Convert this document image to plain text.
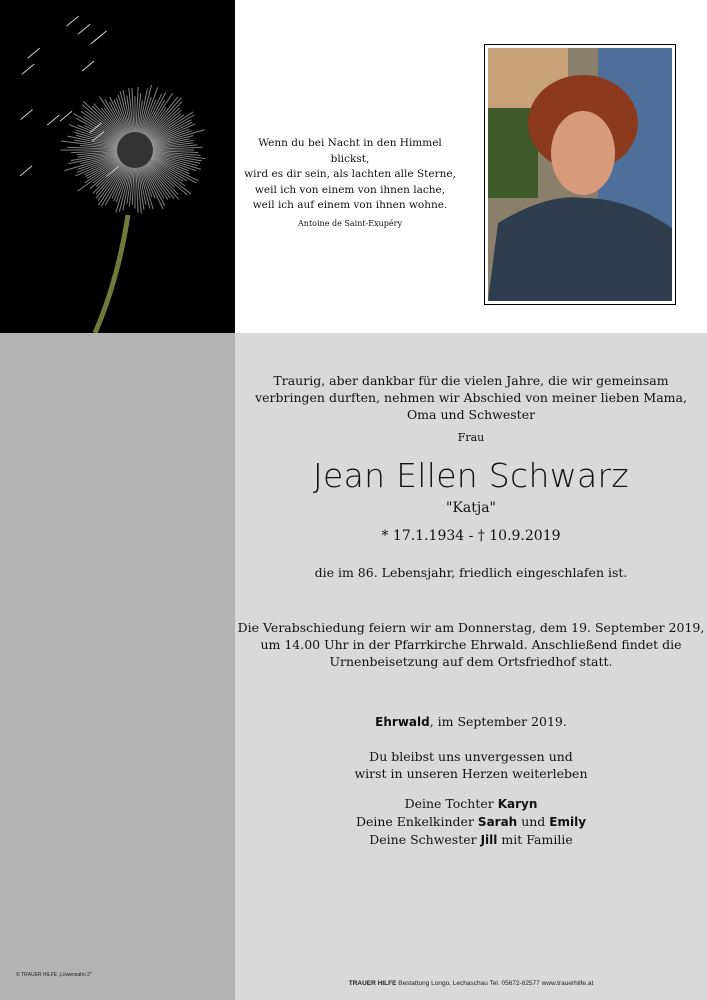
Wenn du bei Nacht in den Himmel blickst,
wird es dir sein, als lachten alle Sterne,
weil ich von einem von ihnen lache,
weil ich auf einem von ihnen wohne.
Antoine de Saint-Exupéry
Traurig, aber dankbar für die vielen Jahre, die wir gemeinsam
verbringen durften, nehmen wir Abschied von meiner lieben Mama,
Oma und Schwester
Frau
Jean Ellen Schwarz
"Katja"
* 17.1.1934 - † 10.9.2019
die im 86. Lebensjahr, friedlich eingeschlafen ist.
Die Verabschiedung feiern wir am Donnerstag, dem 19. September 2019,
um 14.00 Uhr in der Pfarrkirche Ehrwald. Anschließend findet die
Urnenbeisetzung auf dem Ortsfriedhof statt.
Ehrwald, im September 2019.
Du bleibst uns unvergessen und
wirst in unseren Herzen weiterleben
Deine Tochter Karyn
Deine Enkelkinder Sarah und Emily
Deine Schwester Jill mit Familie
© TRAUER HILFE „Löwenzahn 2"
TRAUER HILFE Bestattung Longo, Lechaschau Tel. 05672-62577 www.trauerhilfe.at
